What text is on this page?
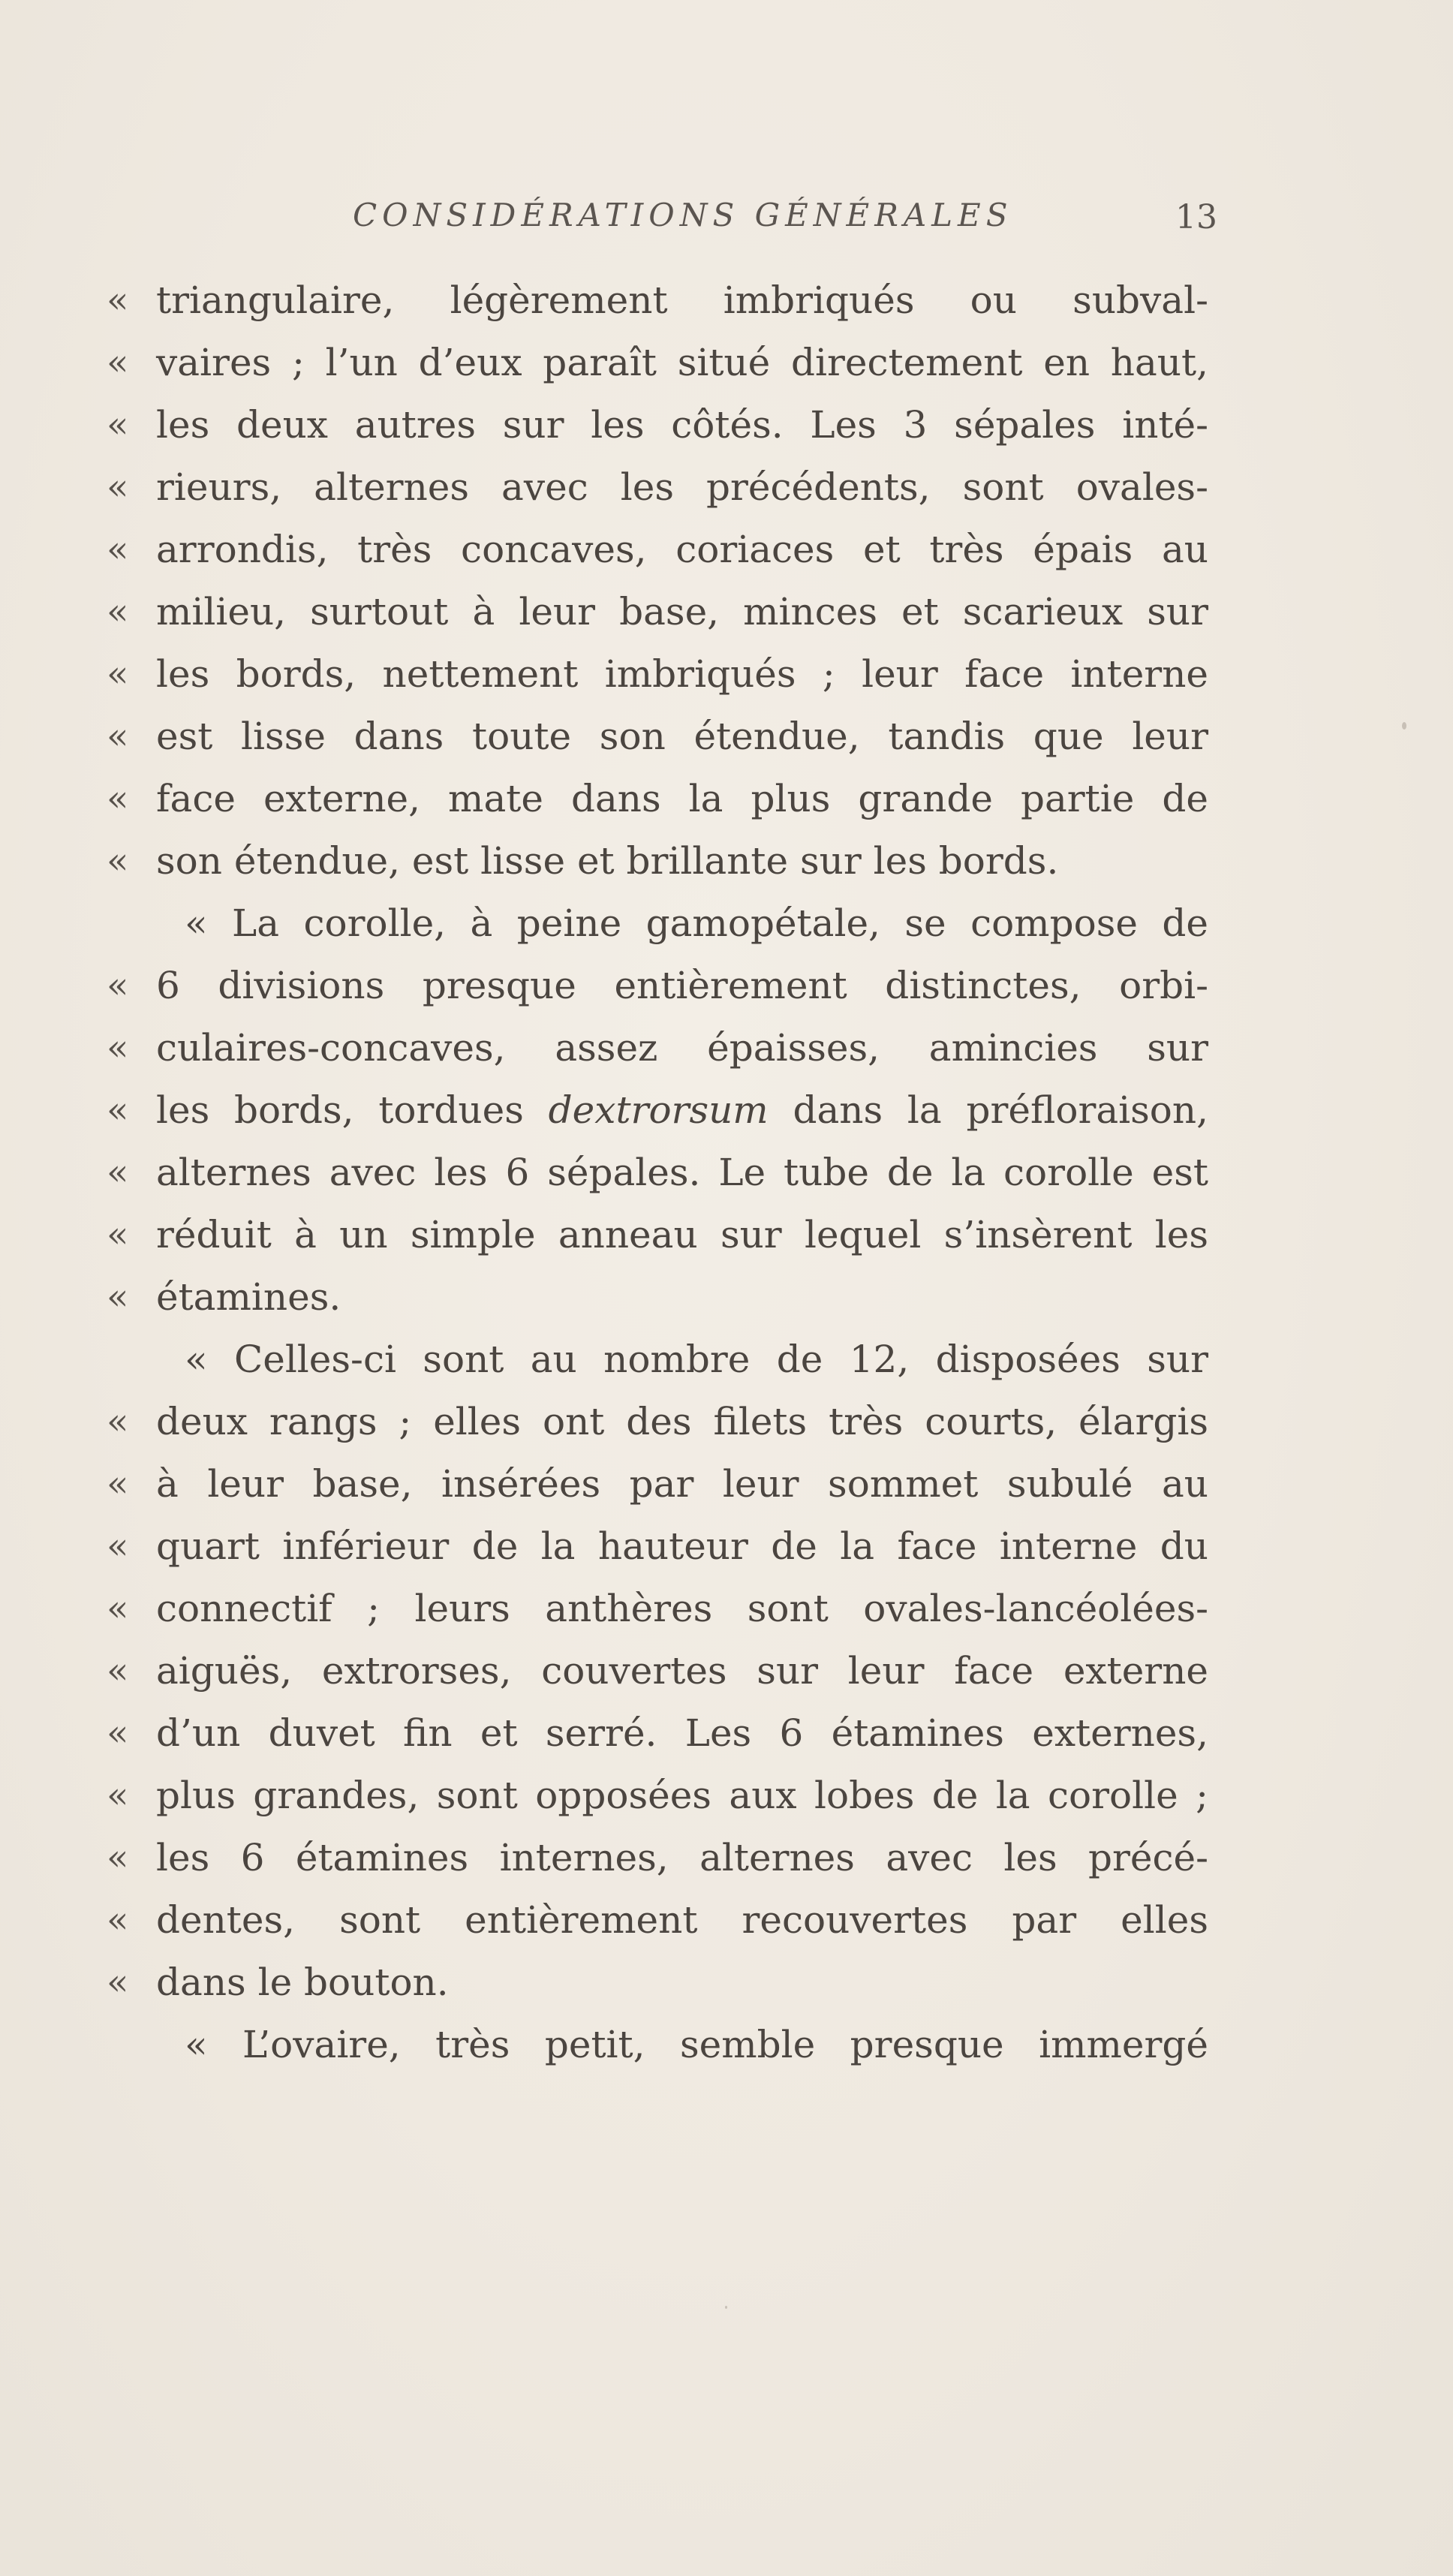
CONSIDÉRATIONS GÉNÉRALES	13
« triangulaire, légèrement imbriqués ou subval-
« vaires ; l’un d’eux paraît situé directement en haut,
« les deux autres sur les côtés. Les 3 sépales inté-
« rieurs, alternes avec les précédents, sont ovales-
« arrondis, très concaves, coriaces et très épais au
« milieu, surtout à leur base, minces et scarieux sur
« les bords, nettement imbriqués ; leur face interne
« est lisse dans toute son étendue, tandis que leur
« face externe, mate dans la plus grande partie de
« son étendue, est lisse et brillante sur les bords.
« La corolle, à peine gamopétale, se compose de
« 6 divisions presque entièrement distinctes, orbi-
« culaires-concaves, assez épaisses, amincies sur
« les bords, tordues dextrorsum dans la préfloraison,
« alternes avec les 6 sépales. Le tube de la corolle est
« réduit à un simple anneau sur lequel s’insèrent les
« étamines.
« Celles-ci sont au nombre de 12, disposées sur
« deux rangs ; elles ont des filets très courts, élargis
« à leur base, insérées par leur sommet subulé au
« quart inférieur de la hauteur de la face interne du
« connectif ; leurs anthères sont ovales-lancéolées-
« aiguës, extrorses, couvertes sur leur face externe
« d’un duvet fin et serré. Les 6 étamines externes,
« plus grandes, sont opposées aux lobes de la corolle ;
« les 6 étamines internes, alternes avec les précé-
« dentes, sont entièrement recouvertes par elles
« dans le bouton.
« L’ovaire, très petit, semble presque immergé
